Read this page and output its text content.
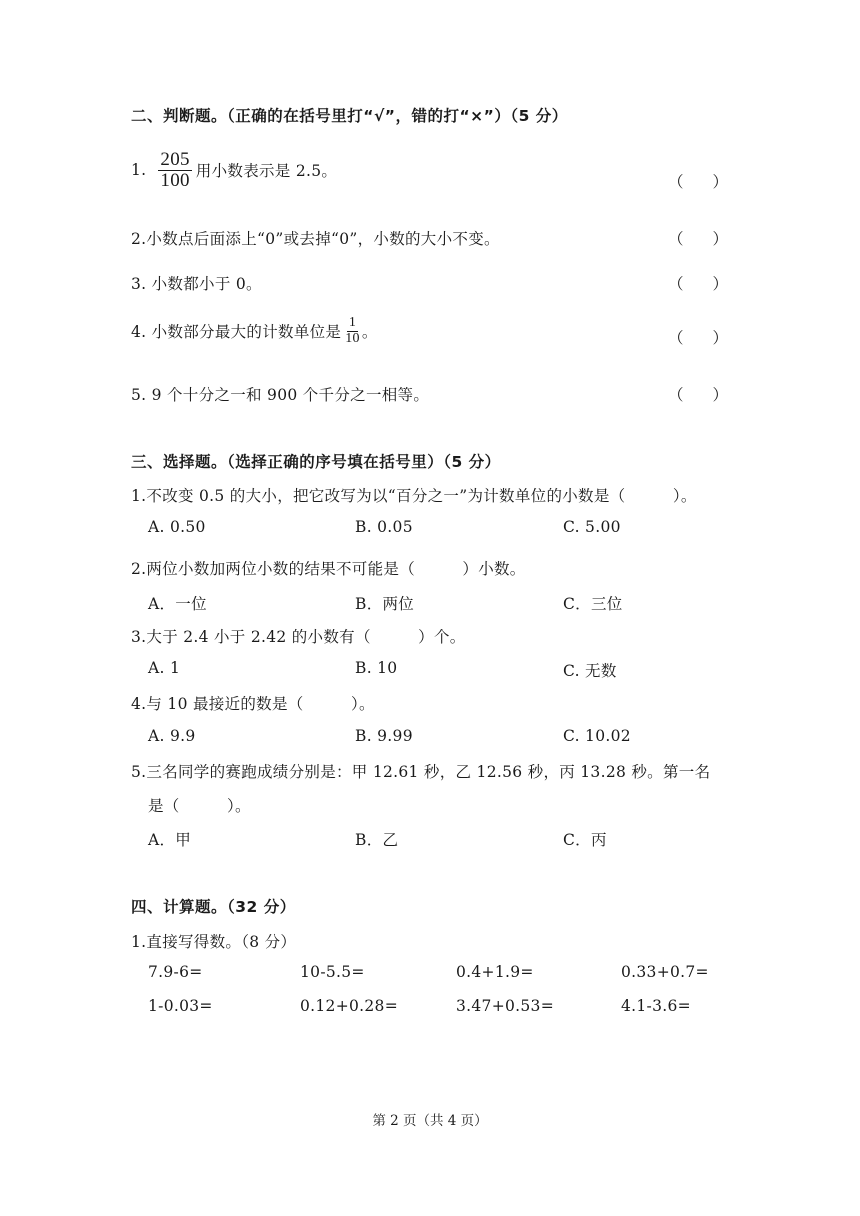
二、判断题。（正确的在括号里打“√”，错的打“×”）（5 分）
1. $\frac{205}{100}$ 用小数表示是 2.5。
（ ）
2.小数点后面添上“0”或去掉“0”，小数的大小不变。	（ ）
3. 小数都小于 0。	（ ）
4. 小数部分最大的计数单位是 $\frac{1}{10}$ 。	（ ）
5. 9 个十分之一和 900 个千分之一相等。	（ ）
三、选择题。（选择正确的序号填在括号里）（5 分）
1.不改变 0.5 的大小，把它改写为以“百分之一”为计数单位的小数是（　　　）。
A. 0.50	B. 0.05	C. 5.00
2.两位小数加两位小数的结果不可能是（　　　）小数。
A．一位	B．两位	C．三位
3.大于 2.4 小于 2.42 的小数有（　　　）个。
A. 1	B. 10	C. 无数
4.与 10 最接近的数是（　　　）。
A. 9.9	B. 9.99	C. 10.02
5.三名同学的赛跑成绩分别是：甲 12.61 秒，乙 12.56 秒，丙 13.28 秒。第一名
是（　　　）。
A．甲	B．乙	C．丙
四、计算题。（32 分）
1.直接写得数。（8 分）
7.9-6=	10-5.5=	0.4+1.9=	0.33+0.7=
1-0.03=	0.12+0.28=	3.47+0.53=	4.1-3.6=
第 2 页（共 4 页）
